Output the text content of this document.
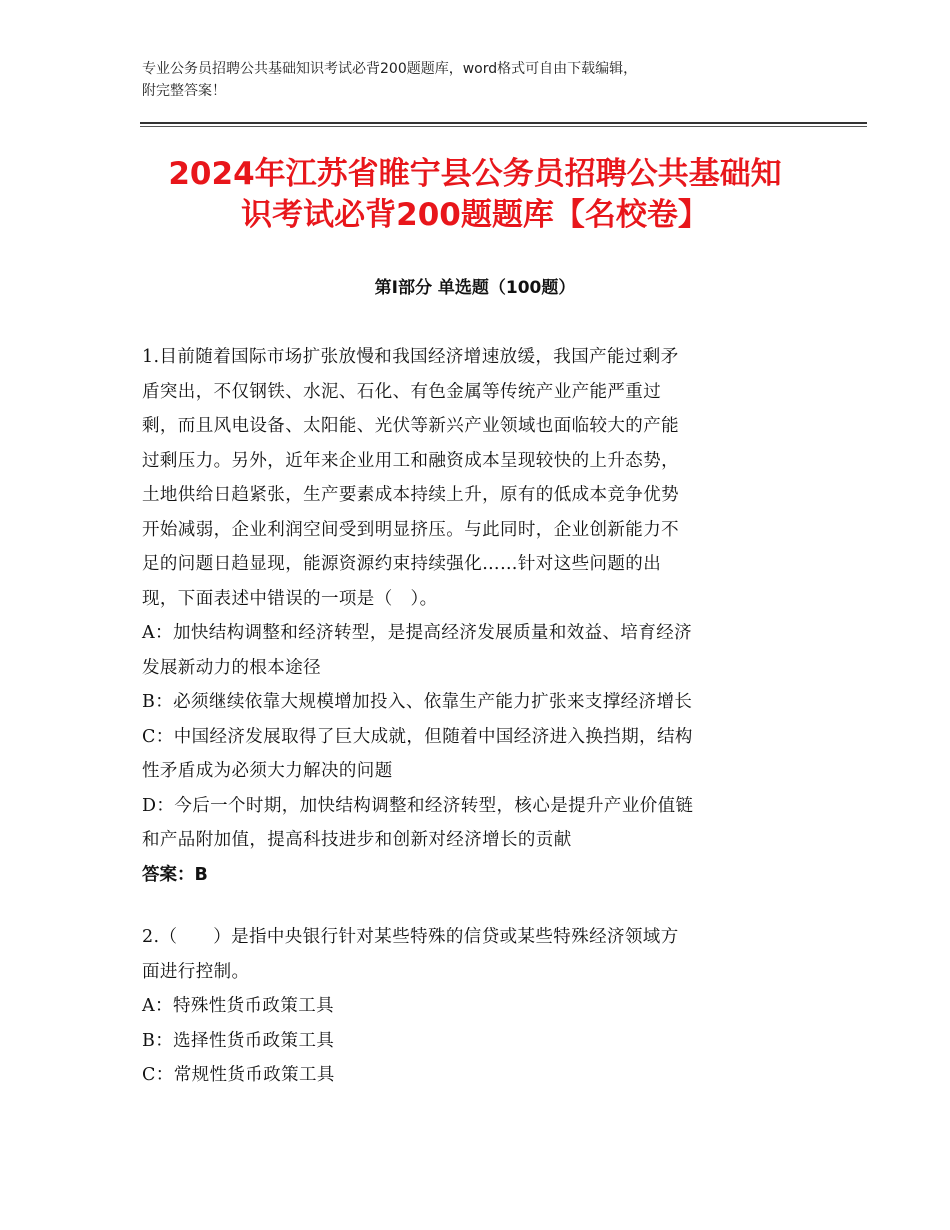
专业公务员招聘公共基础知识考试必背200题题库，word格式可自由下载编辑，
附完整答案！
2024年江苏省睢宁县公务员招聘公共基础知
识考试必背200题题库【名校卷】
第Ⅰ部分 单选题（100题）
1.目前随着国际市场扩张放慢和我国经济增速放缓，我国产能过剩矛
盾突出，不仅钢铁、水泥、石化、有色金属等传统产业产能严重过
剩，而且风电设备、太阳能、光伏等新兴产业领域也面临较大的产能
过剩压力。另外，近年来企业用工和融资成本呈现较快的上升态势，
土地供给日趋紧张，生产要素成本持续上升，原有的低成本竞争优势
开始减弱，企业利润空间受到明显挤压。与此同时，企业创新能力不
足的问题日趋显现，能源资源约束持续强化……针对这些问题的出
现，下面表述中错误的一项是（　）。
A：加快结构调整和经济转型，是提高经济发展质量和效益、培育经济
发展新动力的根本途径
B：必须继续依靠大规模增加投入、依靠生产能力扩张来支撑经济增长
C：中国经济发展取得了巨大成就，但随着中国经济进入换挡期，结构
性矛盾成为必须大力解决的问题
D：今后一个时期，加快结构调整和经济转型，核心是提升产业价值链
和产品附加值，提高科技进步和创新对经济增长的贡献
答案：B
2.（　　）是指中央银行针对某些特殊的信贷或某些特殊经济领域方
面进行控制。
A：特殊性货币政策工具
B：选择性货币政策工具
C：常规性货币政策工具
